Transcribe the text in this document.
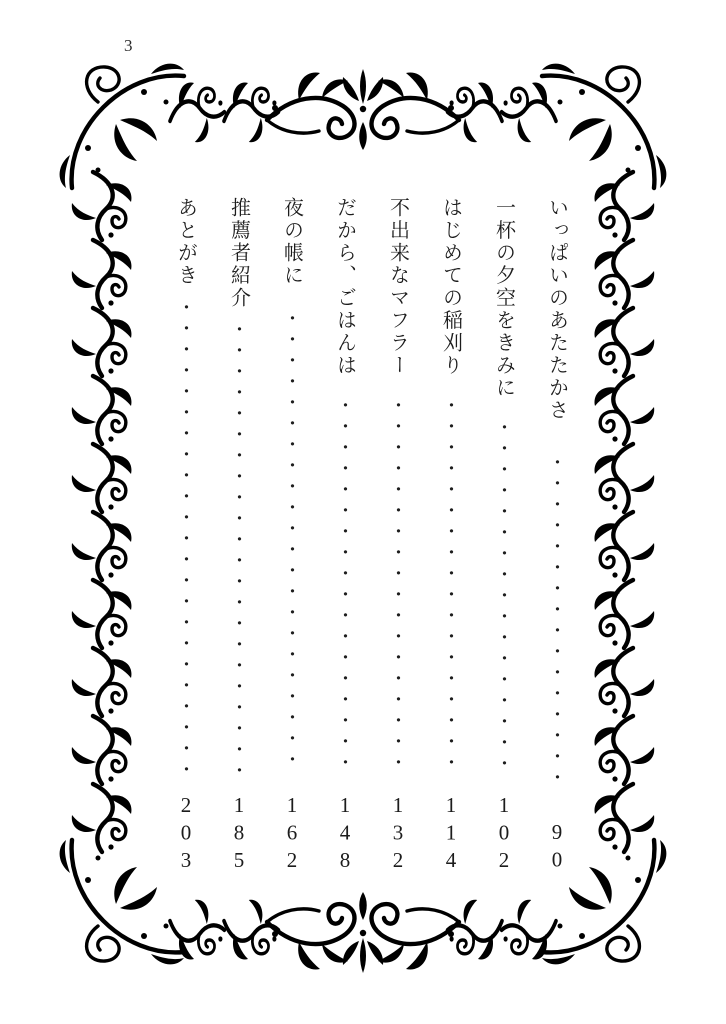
3
いっぱいのあたたかさ
・・・・・・・・・・・・・・・・
90
一杯の夕空をきみに
・・・・・・・・・・・・・・・・・
102
はじめての稲刈り
・・・・・・・・・・・・・・・・・・
114
不出来なマフラー
・・・・・・・・・・・・・・・・・・
132
だから、ごはんは
・・・・・・・・・・・・・・・・・・
148
夜の帳に
・・・・・・・・・・・・・・・・・・・・・・
162
推薦者紹介
・・・・・・・・・・・・・・・・・・・・・・
185
あとがき
・・・・・・・・・・・・・・・・・・・・・・・
203
